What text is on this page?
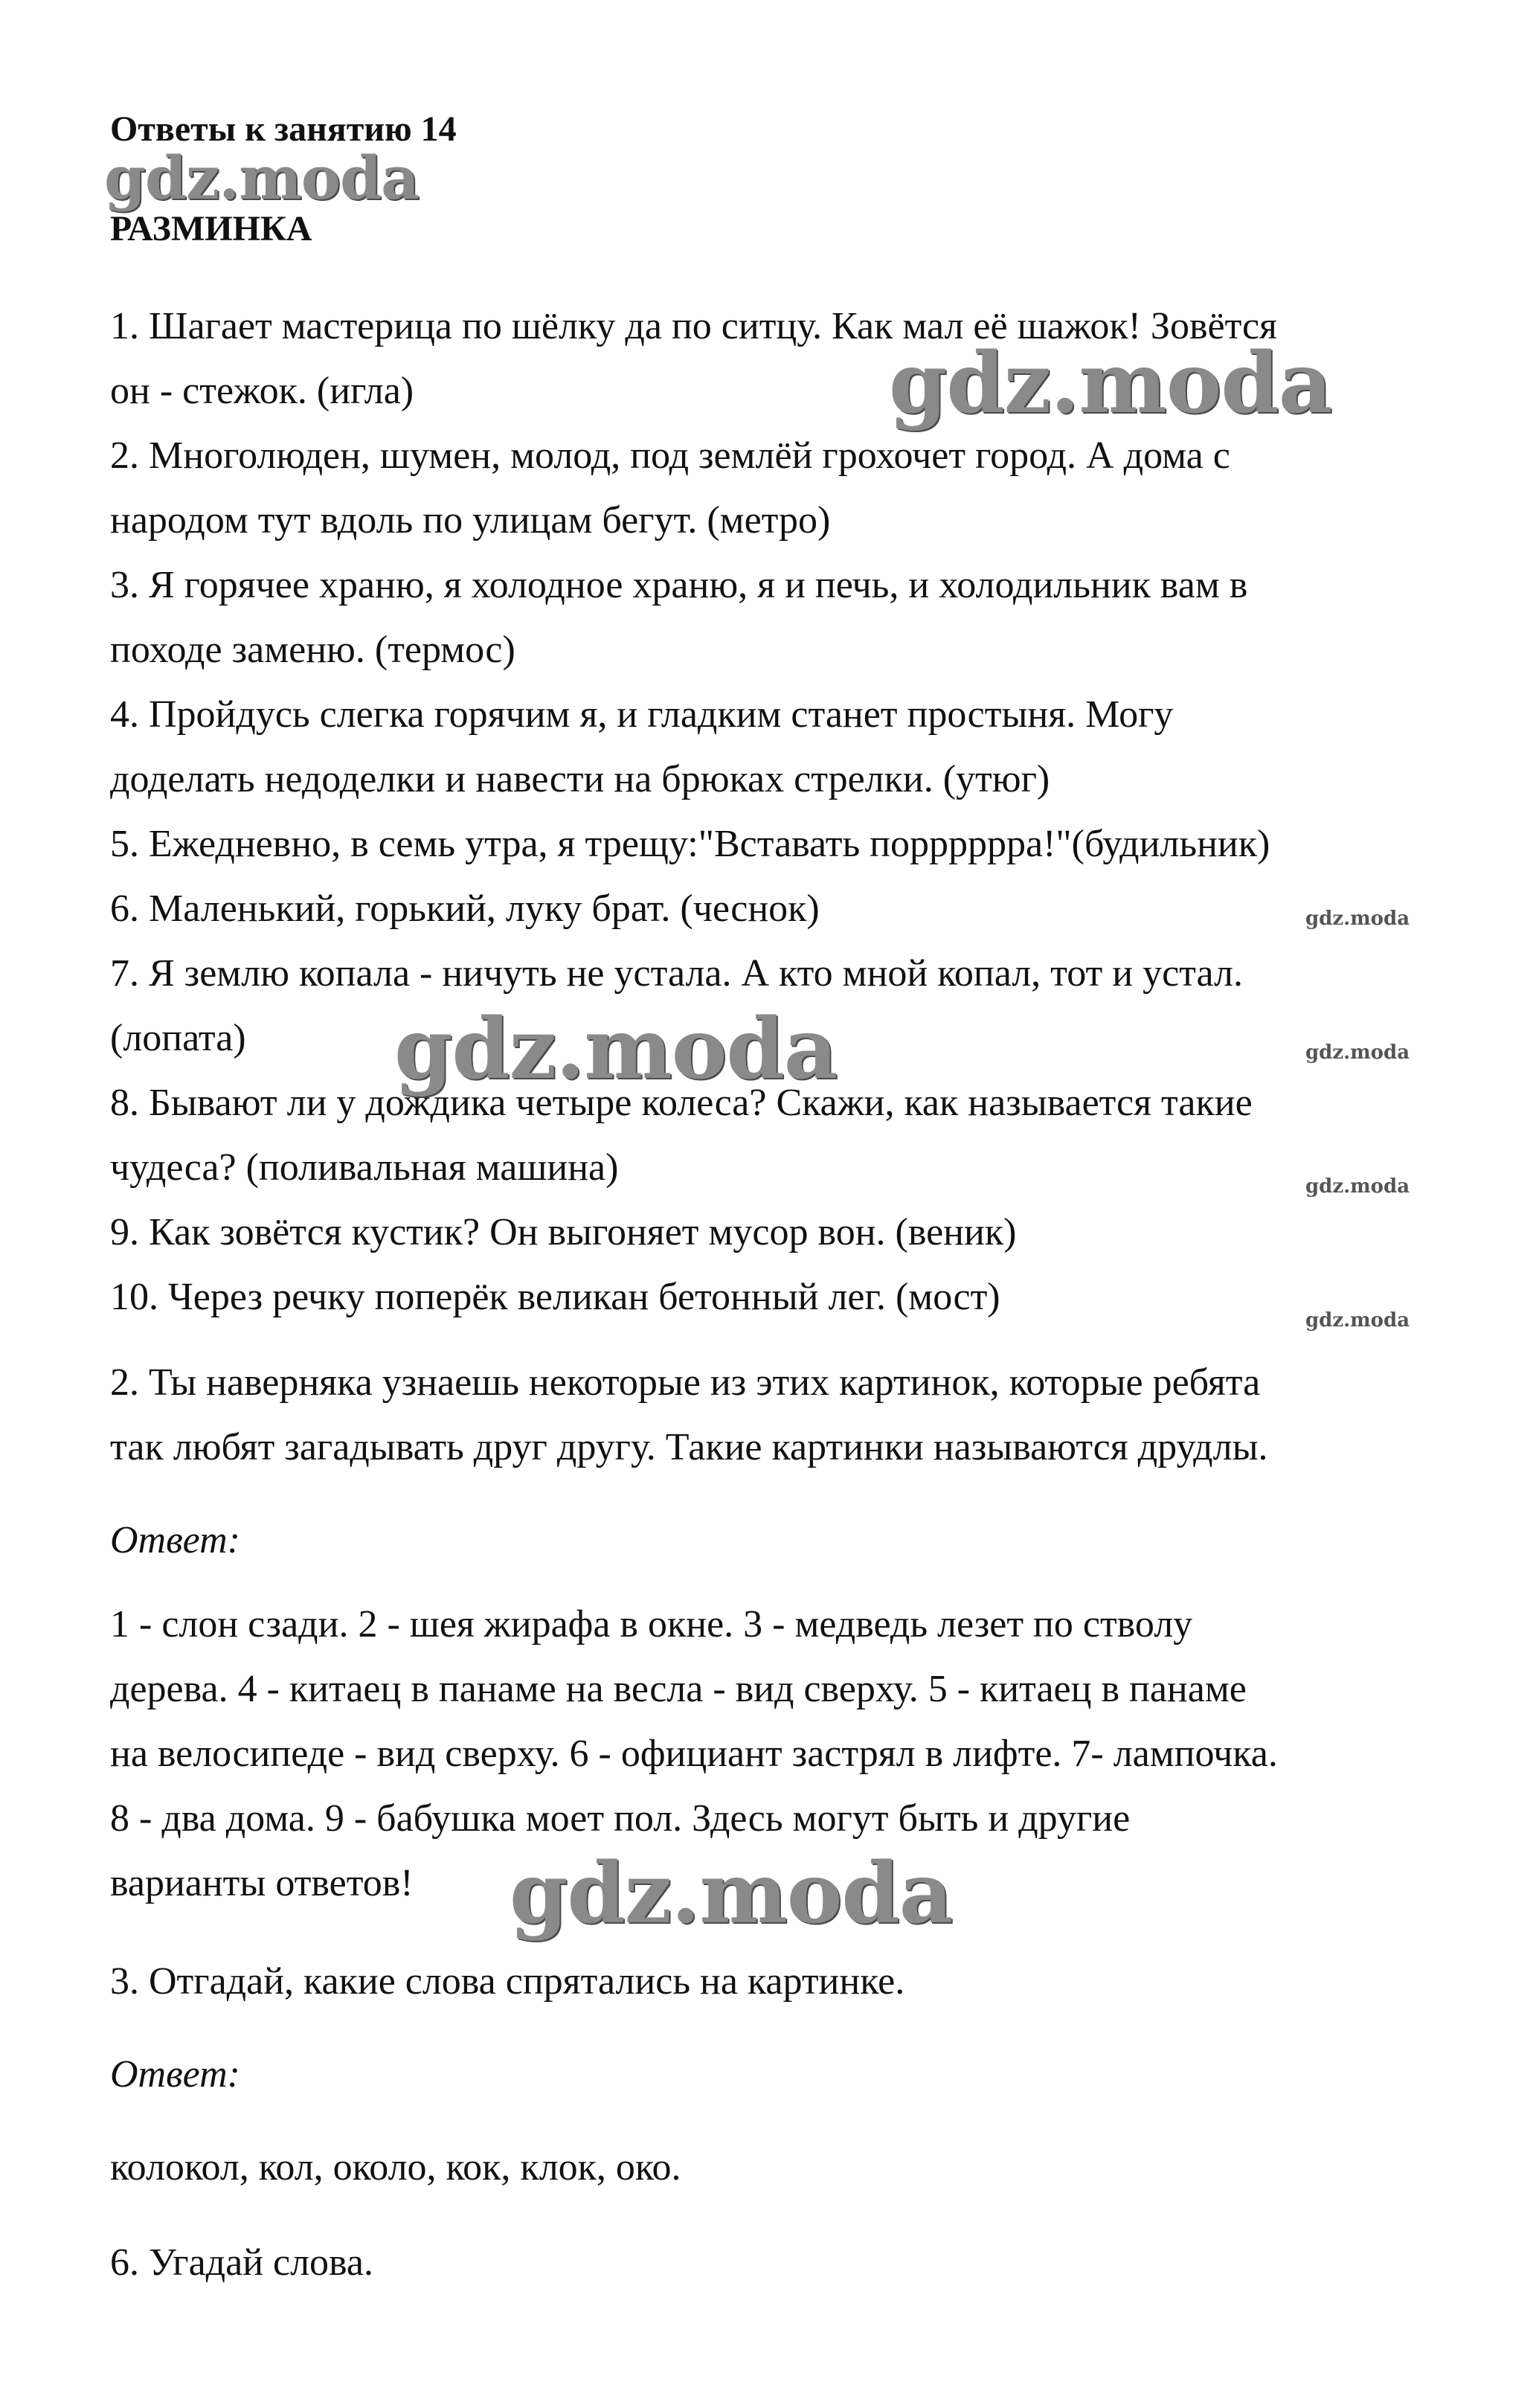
Ответы к занятию 14
gdz.moda
РАЗМИНКА
1. Шагает мастерица по шёлку да по ситцу. Как мал её шажок! Зовётся
он - стежок. (игла)
2. Многолюден, шумен, молод, под землёй грохочет город. А дома с
народом тут вдоль по улицам бегут. (метро)
3. Я горячее храню, я холодное храню, я и печь, и холодильник вам в
походе заменю. (термос)
4. Пройдусь слегка горячим я, и гладким станет простыня. Могу
доделать недоделки и навести на брюках стрелки. (утюг)
5. Ежедневно, в семь утра, я трещу:"Вставать поррррррa!"(будильник)
6. Маленький, горький, луку брат. (чеснок)
7. Я землю копала - ничуть не устала. А кто мной копал, тот и устал.
(лопата)
8. Бывают ли у дождика четыре колеса? Скажи, как называется такие
чудеса? (поливальная машина)
9. Как зовётся кустик? Он выгоняет мусор вон. (веник)
10. Через речку поперёк великан бетонный лег. (мост)
gdz.moda
gdz.moda
gdz.moda
gdz.moda
gdz.moda
gdz.moda
2. Ты наверняка узнаешь некоторые из этих картинок, которые ребята
так любят загадывать друг другу. Такие картинки называются друдлы.
Ответ:
1 - слон сзади. 2 - шея жирафа в окне. 3 - медведь лезет по стволу
дерева. 4 - китаец в панаме на весла - вид сверху. 5 - китаец в панаме
на велосипеде - вид сверху. 6 - официант застрял в лифте. 7- лампочка.
8 - два дома. 9 - бабушка моет пол. Здесь могут быть и другие
варианты ответов!	gdz.moda
3. Отгадай, какие слова спрятались на картинке.
Ответ:
колокол, кол, около, кок, клок, око.
6. Угадай слова.
